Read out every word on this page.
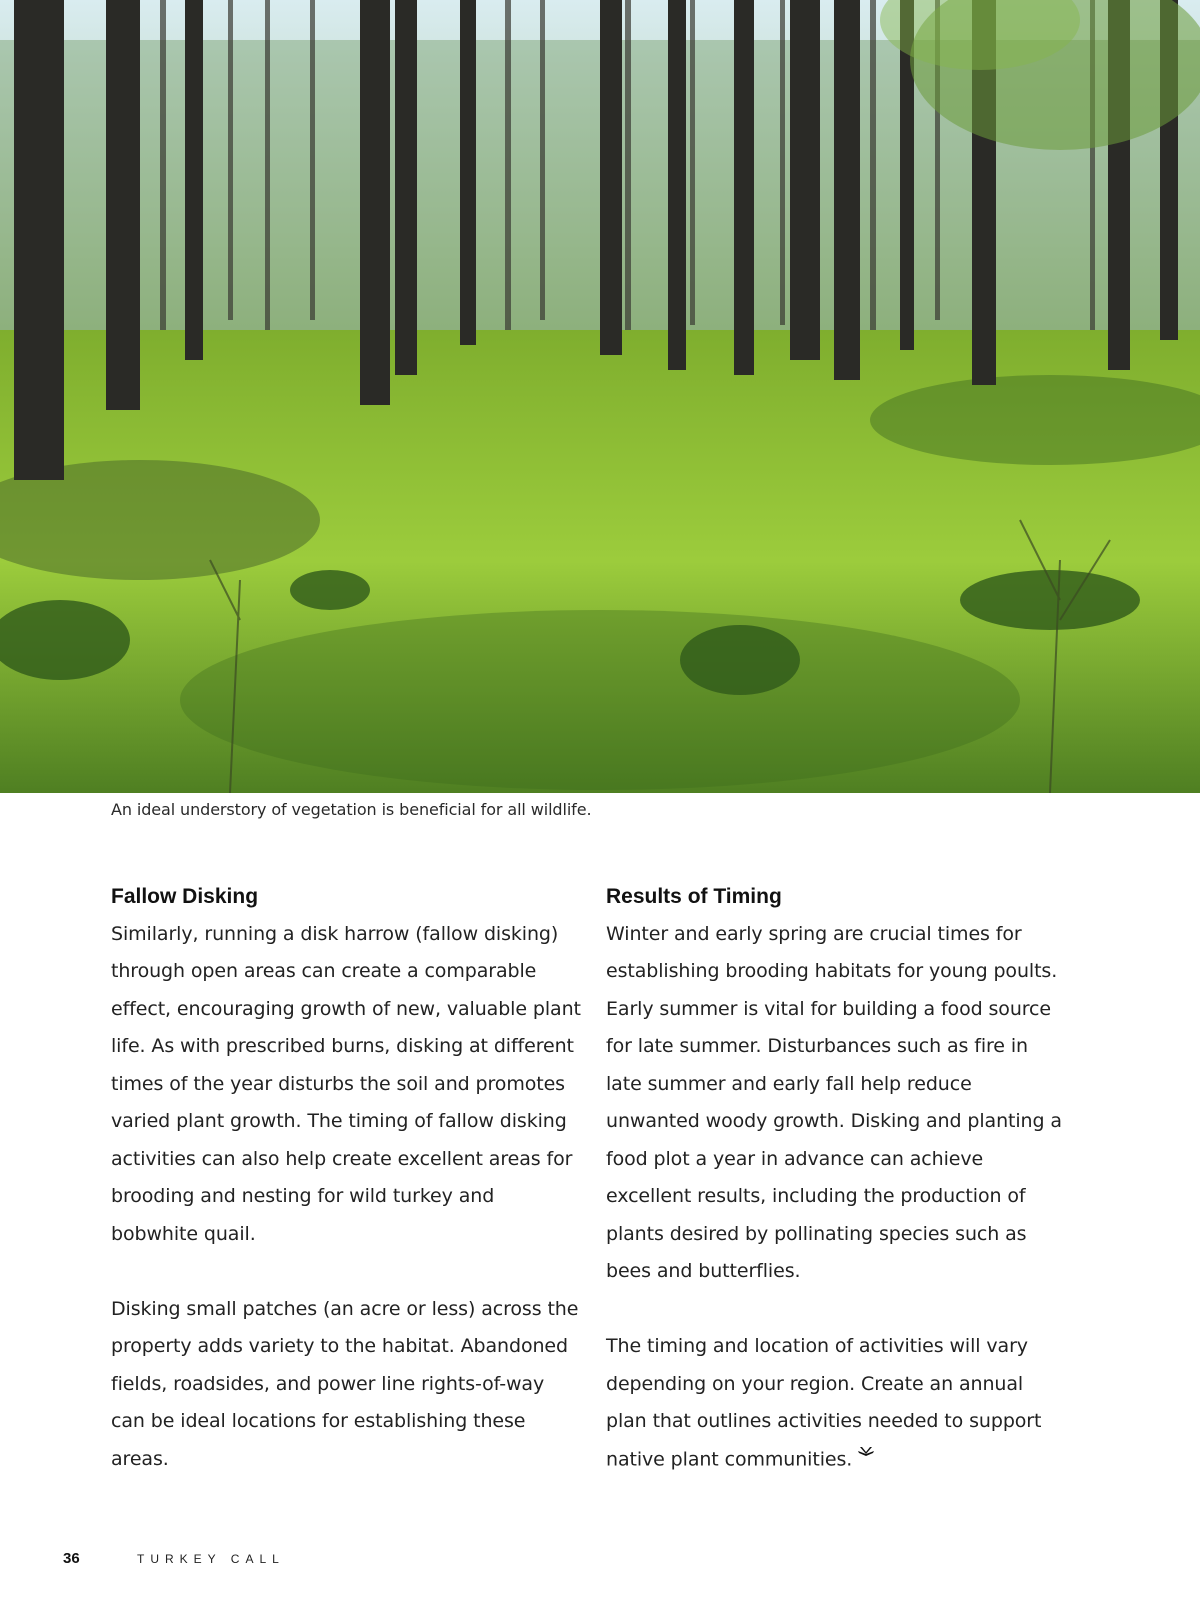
An ideal understory of vegetation is beneficial for all wildlife.
Fallow Disking

Similarly, running a disk harrow (fallow disking) through open areas can create a comparable effect, encouraging growth of new, valuable plant life. As with prescribed burns, disking at different times of the year disturbs the soil and promotes varied plant growth. The timing of fallow disking activities can also help create excellent areas for brooding and nesting for wild turkey and bobwhite quail.

Disking small patches (an acre or less) across the property adds variety to the habitat. Abandoned fields, roadsides, and power line rights-of-way can be ideal locations for establishing these areas.

Results of Timing

Winter and early spring are crucial times for establishing brooding habitats for young poults. Early summer is vital for building a food source for late summer. Disturbances such as fire in late summer and early fall help reduce unwanted woody growth. Disking and planting a food plot a year in advance can achieve excellent results, including the production of plants desired by pollinating species such as bees and butterflies.

The timing and location of activities will vary depending on your region. Create an annual plan that outlines activities needed to support native plant communities.

36	TURKEY CALL
